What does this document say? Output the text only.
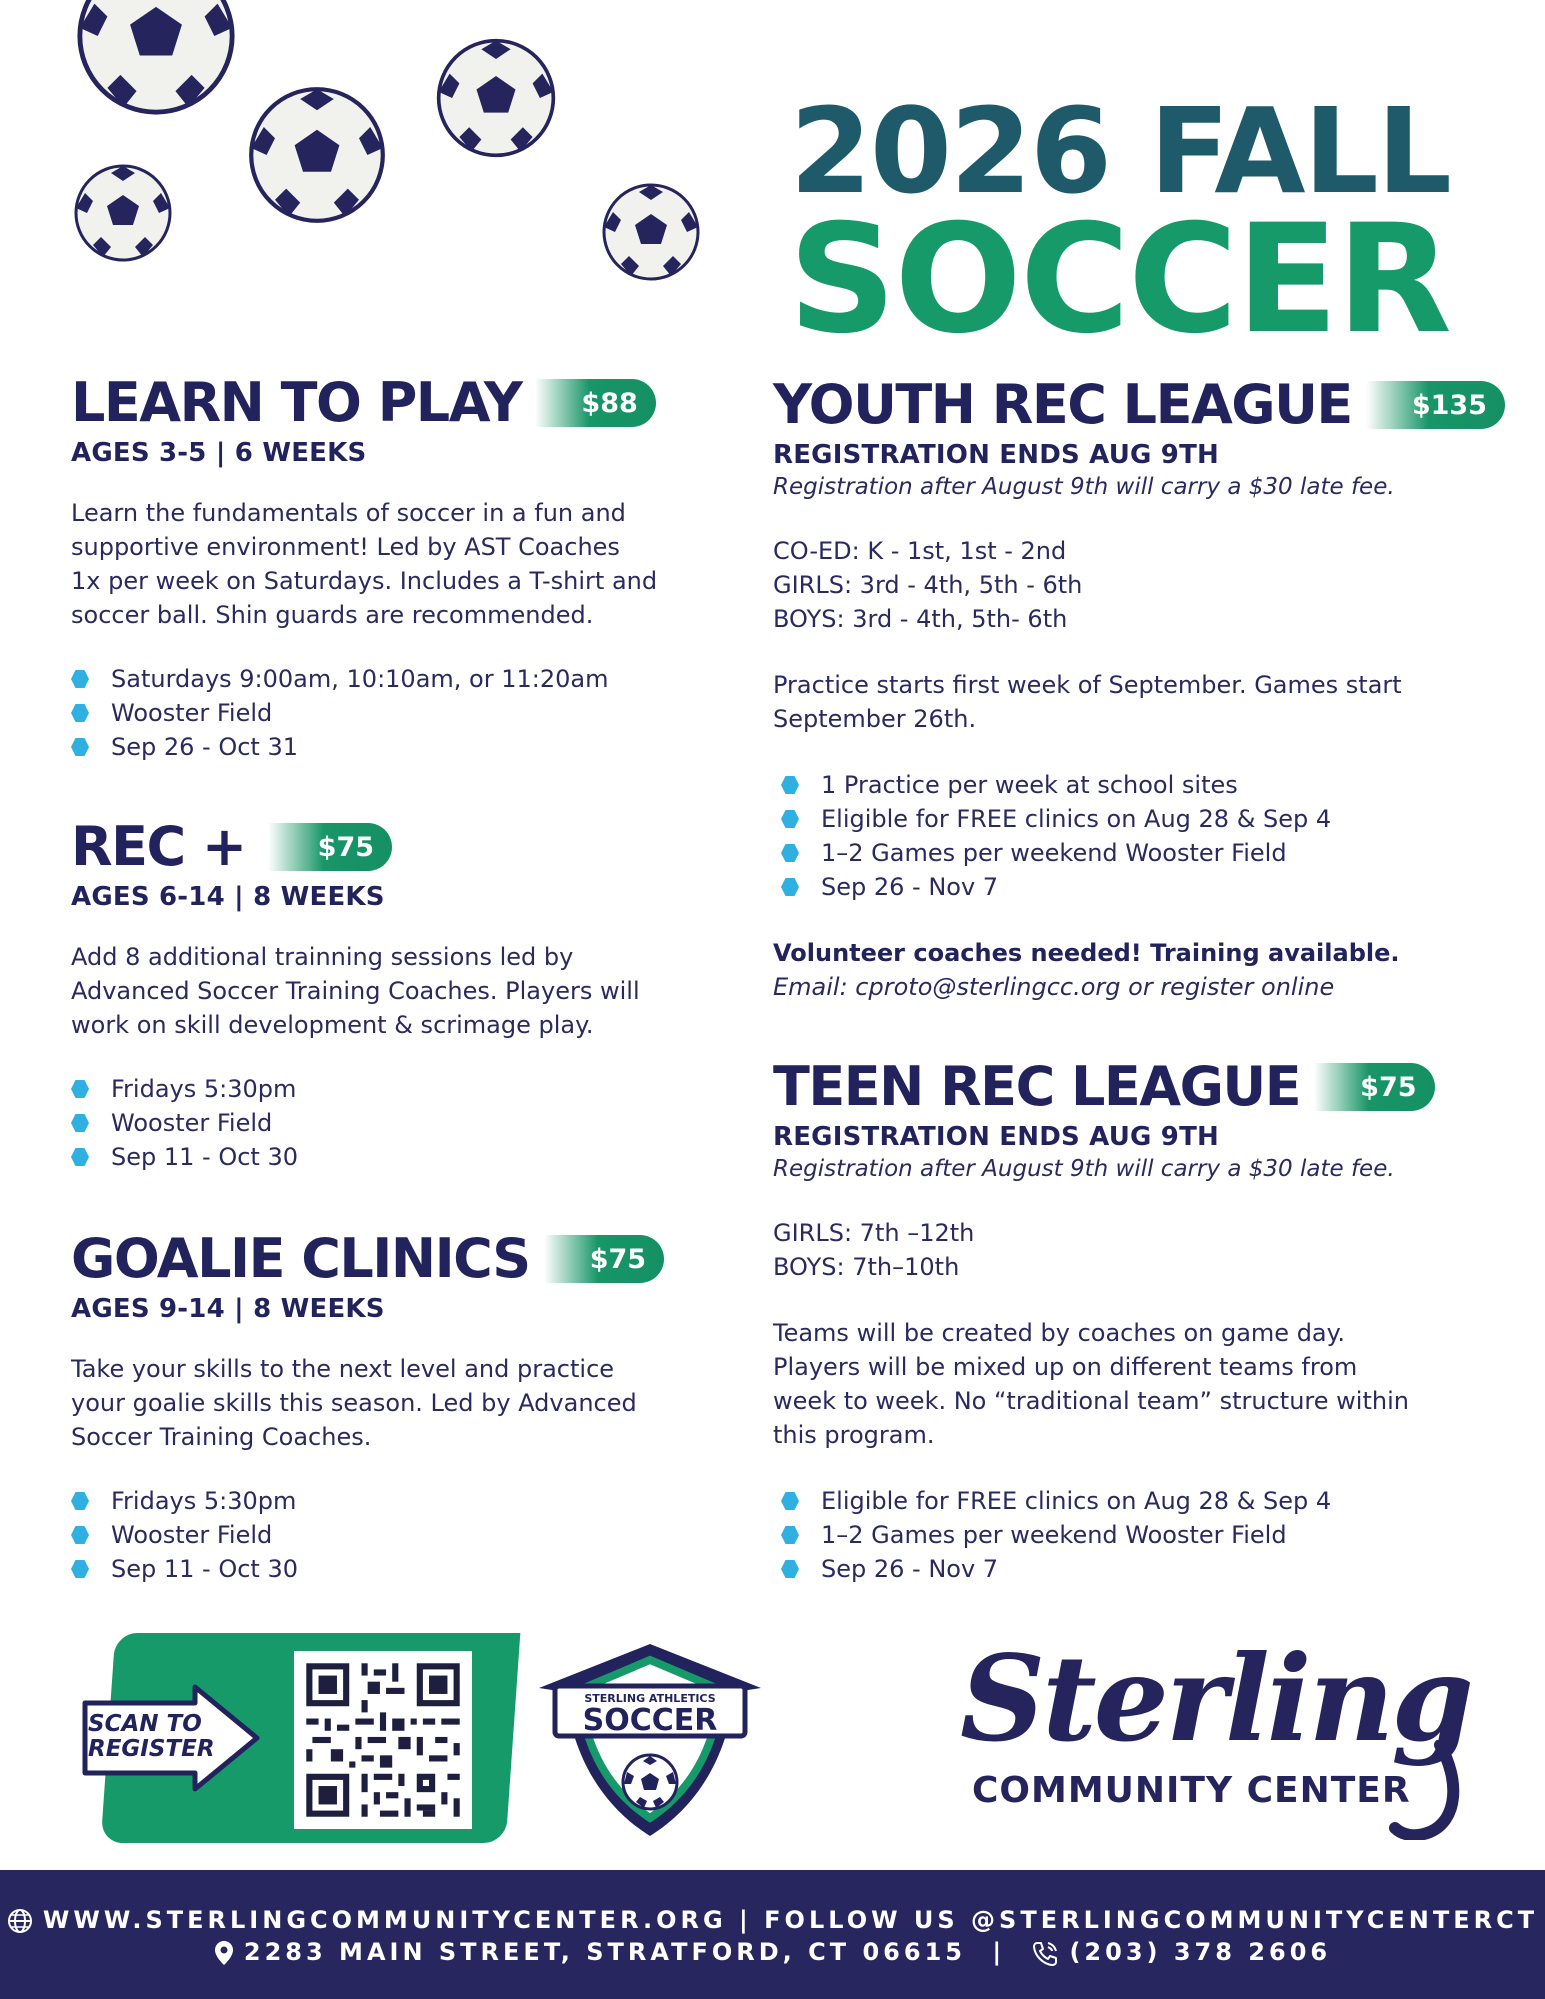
2026 FALL
SOCCER
LEARN TO PLAY	$88
AGES 3-5 | 6 WEEKS
Learn the fundamentals of soccer in a fun and
supportive environment! Led by AST Coaches
1x per week on Saturdays. Includes a T-shirt and
soccer ball. Shin guards are recommended.
Saturdays 9:00am, 10:10am, or 11:20am
Wooster Field
Sep 26 - Oct 31
REC +	$75
AGES 6-14 | 8 WEEKS
Add 8 additional trainning sessions led by
Advanced Soccer Training Coaches. Players will
work on skill development & scrimage play.
Fridays 5:30pm
Wooster Field
Sep 11 - Oct 30
GOALIE CLINICS	$75
AGES 9-14 | 8 WEEKS
Take your skills to the next level and practice
your goalie skills this season. Led by Advanced
Soccer Training Coaches.
Fridays 5:30pm
Wooster Field
Sep 11 - Oct 30
YOUTH REC LEAGUE	$135
REGISTRATION ENDS AUG 9TH
Registration after August 9th will carry a $30 late fee.
CO-ED: K - 1st, 1st - 2nd
GIRLS: 3rd - 4th, 5th - 6th
BOYS: 3rd - 4th, 5th- 6th
Practice starts first week of September. Games start
September 26th.
1 Practice per week at school sites
Eligible for FREE clinics on Aug 28 & Sep 4
1–2 Games per weekend Wooster Field
Sep 26 - Nov 7
Volunteer coaches needed! Training available.
Email: cproto@sterlingcc.org or register online
TEEN REC LEAGUE	$75
REGISTRATION ENDS AUG 9TH
Registration after August 9th will carry a $30 late fee.
GIRLS: 7th –12th
BOYS: 7th–10th
Teams will be created by coaches on game day.
Players will be mixed up on different teams from
week to week. No “traditional team” structure within
this program.
Eligible for FREE clinics on Aug 28 & Sep 4
1–2 Games per weekend Wooster Field
Sep 26 - Nov 7
SCAN TO
REGISTER
STERLING ATHLETICS
SOCCER Sterling
COMMUNITY CENTER
WWW.STERLINGCOMMUNITYCENTER.ORG | FOLLOW US @STERLINGCOMMUNITYCENTERCT
2283 MAIN STREET, STRATFORD, CT 06615 |	(203) 378 2606
